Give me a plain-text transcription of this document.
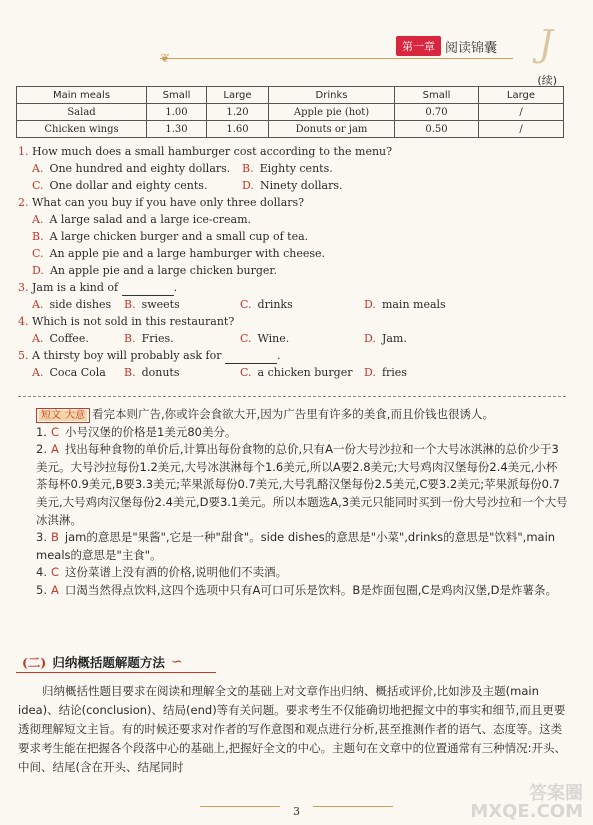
❦
第一章 阅读锦囊 J
(续)
Main meals	Small	Large	Drinks	Small	Large
Salad	1.00	1.20	Apple pie (hot)	0.70	/
Chicken wings	1.30	1.60	Donuts or jam	0.50	/
1. How much does a small hamburger cost according to the menu?
A. One hundred and eighty dollars.	B. Eighty cents.
C. One dollar and eighty cents.	D. Ninety dollars.
2. What can you buy if you have only three dollars?
A. A large salad and a large ice-cream.
B. A large chicken burger and a small cup of tea.
C. An apple pie and a large hamburger with cheese.
D. An apple pie and a large chicken burger.
3. Jam is a kind of	.
A. side dishes	B. sweets	C. drinks	D. main meals
4. Which is not sold in this restaurant?
A. Coffee.	B. Fries.	C. Wine.	D. Jam.
5. A thirsty boy will probably ask for	.
A. Coca Cola	B. donuts	C. a chicken burger	D. fries
短文 大意 看完本则广告,你或许会食欲大开,因为广告里有许多的美食,而且价钱也很诱人。
1. C 小号汉堡的价格是1美元80美分。
2. A 找出每种食物的单价后,计算出每份食物的总价,只有A一份大号沙拉和一个大号冰淇淋的总价少于3美元。大号沙拉每份1.2美元,大号冰淇淋每个1.6美元,所以A要2.8美元;大号鸡肉汉堡每份2.4美元,小杯茶每杯0.9美元,B要3.3美元;苹果派每份0.7美元,大号乳酪汉堡每份2.5美元,C要3.2美元;苹果派每份0.7美元,大号鸡肉汉堡每份2.4美元,D要3.1美元。所以本题选A,3美元只能同时买到一份大号沙拉和一个大号冰淇淋。
3. B jam的意思是"果酱",它是一种"甜食"。side dishes的意思是"小菜",drinks的意思是"饮料",main meals的意思是"主食"。
4. C 这份菜谱上没有酒的价格,说明他们不卖酒。
5. A 口渴当然得点饮料,这四个选项中只有A可口可乐是饮料。B是炸面包圈,C是鸡肉汉堡,D是炸薯条。
(二) 归纳概括题解题方法 ∽
归纳概括性题目要求在阅读和理解全文的基础上对文章作出归纳、概括或评价,比如涉及主题(main idea)、结论(conclusion)、结局(end)等有关问题。要求考生不仅能确切地把握文中的事实和细节,而且更要透彻理解短文主旨。有的时候还要求对作者的写作意图和观点进行分析,甚至推测作者的语气、态度等。这类要求考生能在把握各个段落中心的基础上,把握好全文的中心。主题句在文章中的位置通常有三种情况:开头、中间、结尾(含在开头、结尾同时
3
答案圈
MXQE.COM
